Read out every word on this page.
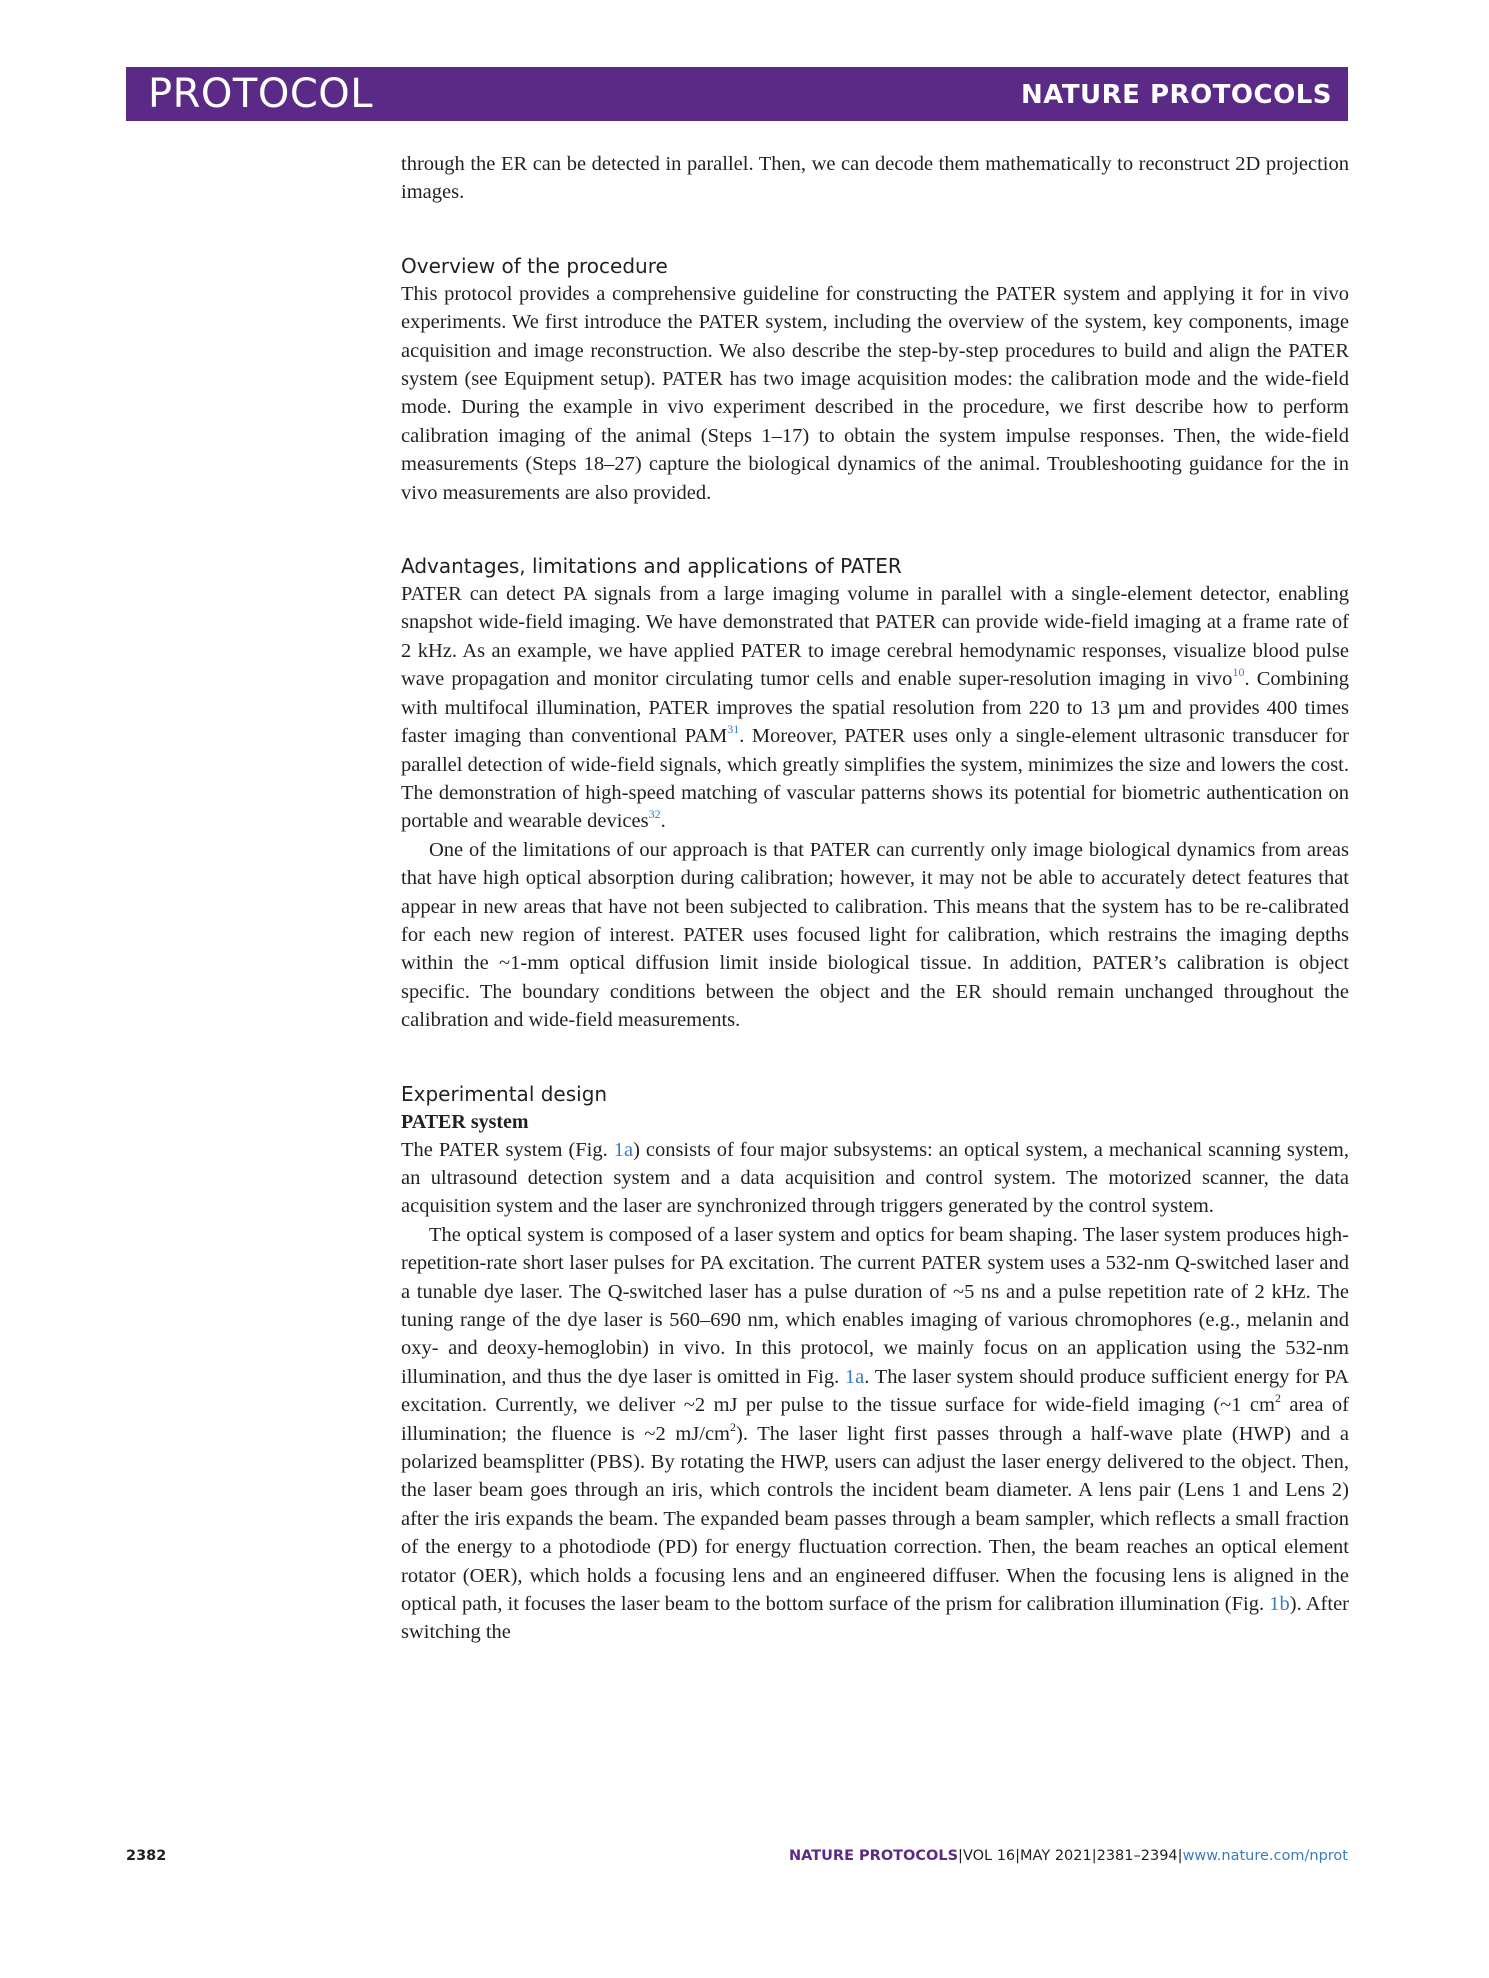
PROTOCOL	NATURE PROTOCOLS

through the ER can be detected in parallel. Then, we can decode them mathematically to reconstruct 2D projection images.

Overview of the procedure

This protocol provides a comprehensive guideline for constructing the PATER system and applying it for in vivo experiments. We first introduce the PATER system, including the overview of the system, key components, image acquisition and image reconstruction. We also describe the step-by-step procedures to build and align the PATER system (see Equipment setup). PATER has two image acquisition modes: the calibration mode and the wide-field mode. During the example in vivo experiment described in the procedure, we first describe how to perform calibration imaging of the animal (Steps 1–17) to obtain the system impulse responses. Then, the wide-field measurements (Steps 18–27) capture the biological dynamics of the animal. Troubleshooting guidance for the in vivo measurements are also provided.

Advantages, limitations and applications of PATER

PATER can detect PA signals from a large imaging volume in parallel with a single-element detector, enabling snapshot wide-field imaging. We have demonstrated that PATER can provide wide-field imaging at a frame rate of 2 kHz. As an example, we have applied PATER to image cerebral hemodynamic responses, visualize blood pulse wave propagation and monitor circulating tumor cells and enable super-resolution imaging in vivo$^{10}$. Combining with multifocal illumination, PATER improves the spatial resolution from 220 to 13 µm and provides 400 times faster imaging than conventional PAM$^{31}$. Moreover, PATER uses only a single-element ultrasonic transducer for parallel detection of wide-field signals, which greatly simplifies the system, minimizes the size and lowers the cost. The demonstration of high-speed matching of vascular patterns shows its potential for biometric authentication on portable and wearable devices$^{32}$.

One of the limitations of our approach is that PATER can currently only image biological dynamics from areas that have high optical absorption during calibration; however, it may not be able to accurately detect features that appear in new areas that have not been subjected to calibration. This means that the system has to be re-calibrated for each new region of interest. PATER uses focused light for calibration, which restrains the imaging depths within the ~1-mm optical diffusion limit inside biological tissue. In addition, PATER’s calibration is object specific. The boundary conditions between the object and the ER should remain unchanged throughout the calibration and wide-field measurements.

Experimental design
PATER system

The PATER system (Fig. 1a) consists of four major subsystems: an optical system, a mechanical scanning system, an ultrasound detection system and a data acquisition and control system. The motorized scanner, the data acquisition system and the laser are synchronized through triggers generated by the control system.

The optical system is composed of a laser system and optics for beam shaping. The laser system produces high-repetition-rate short laser pulses for PA excitation. The current PATER system uses a 532-nm Q-switched laser and a tunable dye laser. The Q-switched laser has a pulse duration of ~5 ns and a pulse repetition rate of 2 kHz. The tuning range of the dye laser is 560–690 nm, which enables imaging of various chromophores (e.g., melanin and oxy- and deoxy-hemoglobin) in vivo. In this protocol, we mainly focus on an application using the 532-nm illumination, and thus the dye laser is omitted in Fig. 1a. The laser system should produce sufficient energy for PA excitation. Currently, we deliver ~2 mJ per pulse to the tissue surface for wide-field imaging (~1 $cm^2$ area of illumination; the fluence is ~2 $mJ/cm^2$). The laser light first passes through a half-wave plate (HWP) and a polarized beamsplitter (PBS). By rotating the HWP, users can adjust the laser energy delivered to the object. Then, the laser beam goes through an iris, which controls the incident beam diameter. A lens pair (Lens 1 and Lens 2) after the iris expands the beam. The expanded beam passes through a beam sampler, which reflects a small fraction of the energy to a photodiode (PD) for energy fluctuation correction. Then, the beam reaches an optical element rotator (OER), which holds a focusing lens and an engineered diffuser. When the focusing lens is aligned in the optical path, it focuses the laser beam to the bottom surface of the prism for calibration illumination (Fig. 1b). After switching the

2382	NATURE PROTOCOLS|VOL 16|MAY 2021|2381–2394|www.nature.com/nprot
